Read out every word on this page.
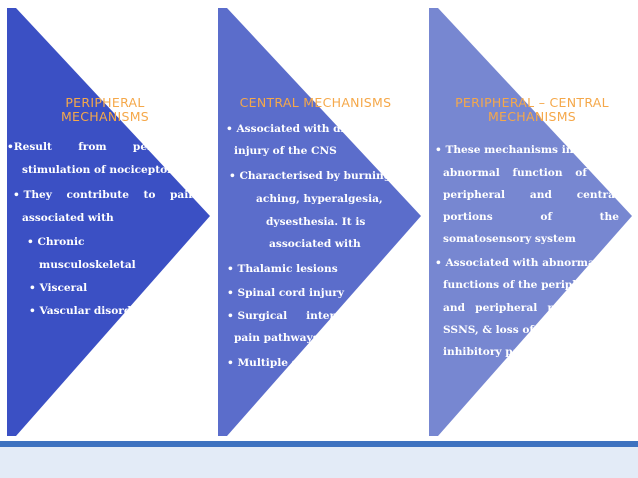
PERIPHERAL
MECHANISMS
•Result from peripheral
stimulation of nociceptors
• They contribute to pain
associated with
• Chronic
musculoskeletal
• Visceral
• Vascular disorders
CENTRAL MECHANISMS
• Associated with disease or
injury of the CNS
• Characterised by burning,
aching, hyperalgesia,
dysesthesia. It is
associated with
• Thalamic lesions
• Spinal cord injury
• Surgical interruption of
pain pathways
• Multiple sclerosis
PERIPHERAL – CENTRAL
MECHANISMS
• These mechanisms involve
abnormal function of the
peripheral and central
portions	of	the
somatosensory system
• Associated with abnormal
functions of the peripheral
and peripheral portions of
SSNS, & loss of descending
inhibitory pathways
